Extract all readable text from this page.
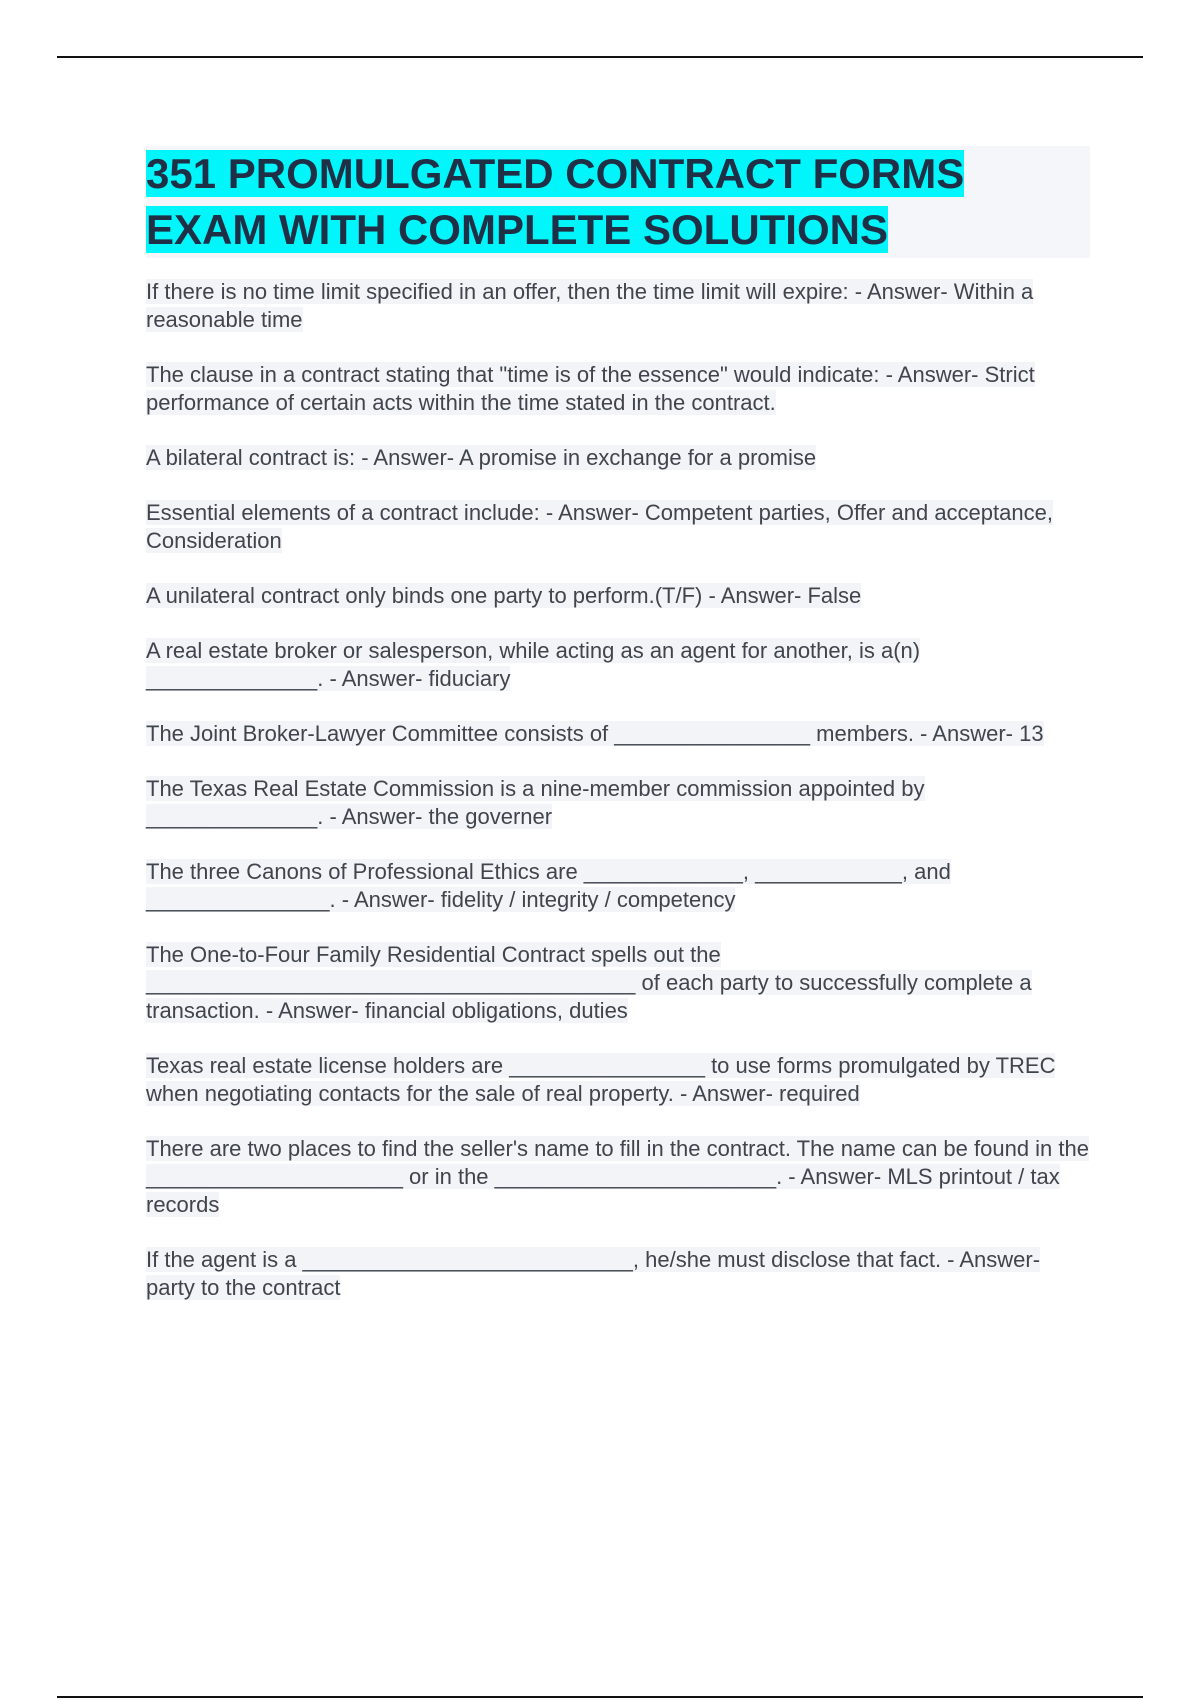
351 PROMULGATED CONTRACT FORMS EXAM WITH COMPLETE SOLUTIONS
If there is no time limit specified in an offer, then the time limit will expire: - Answer- Within a reasonable time
The clause in a contract stating that "time is of the essence" would indicate: - Answer- Strict performance of certain acts within the time stated in the contract.
A bilateral contract is: - Answer- A promise in exchange for a promise
Essential elements of a contract include: - Answer- Competent parties, Offer and acceptance, Consideration
A unilateral contract only binds one party to perform.(T/F) - Answer- False
A real estate broker or salesperson, while acting as an agent for another, is a(n) ______________. - Answer- fiduciary
The Joint Broker-Lawyer Committee consists of ________________ members. - Answer- 13
The Texas Real Estate Commission is a nine-member commission appointed by ______________. - Answer- the governer
The three Canons of Professional Ethics are _____________, ____________, and _______________. - Answer- fidelity / integrity / competency
The One-to-Four Family Residential Contract spells out the ________________________________________ of each party to successfully complete a transaction. - Answer- financial obligations, duties
Texas real estate license holders are ________________ to use forms promulgated by TREC when negotiating contacts for the sale of real property. - Answer- required
There are two places to find the seller's name to fill in the contract. The name can be found in the _____________________ or in the _______________________. - Answer- MLS printout / tax records
If the agent is a ___________________________, he/she must disclose that fact. - Answer- party to the contract
